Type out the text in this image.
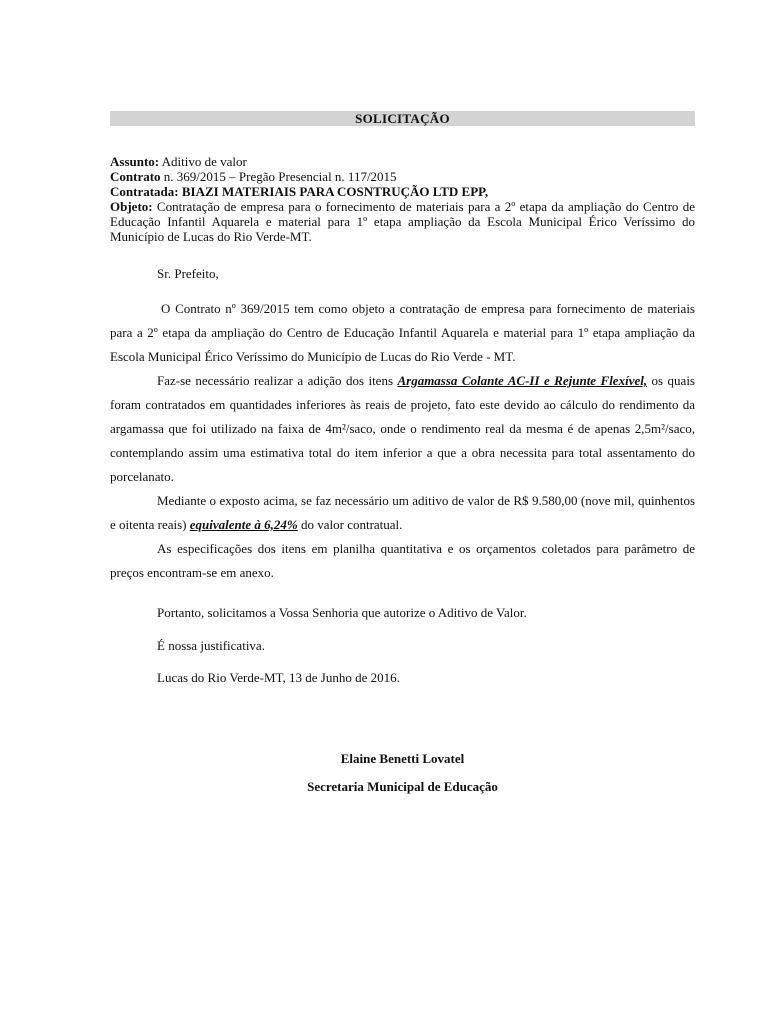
SOLICITAÇÃO
Assunto: Aditivo de valor
Contrato n. 369/2015 – Pregão Presencial n. 117/2015
Contratada: BIAZI MATERIAIS PARA COSNTRUÇÃO LTD EPP,
Objeto: Contratação de empresa para o fornecimento de materiais para a 2º etapa da ampliação do Centro de Educação Infantil Aquarela e material para 1º etapa ampliação da Escola Municipal Érico Veríssimo do Município de Lucas do Rio Verde-MT.
Sr. Prefeito,

O Contrato nº 369/2015 tem como objeto a contratação de empresa para fornecimento de materiais para a 2º etapa da ampliação do Centro de Educação Infantil Aquarela e material para 1º etapa ampliação da Escola Municipal Érico Veríssimo do Município de Lucas do Rio Verde - MT.

Faz-se necessário realizar a adição dos itens Argamassa Colante AC-II e Rejunte Flexível, os quais foram contratados em quantidades inferiores às reais de projeto, fato este devido ao cálculo do rendimento da argamassa que foi utilizado na faixa de 4m²/saco, onde o rendimento real da mesma é de apenas 2,5m²/saco, contemplando assim uma estimativa total do item inferior a que a obra necessita para total assentamento do porcelanato.

Mediante o exposto acima, se faz necessário um aditivo de valor de R$ 9.580,00 (nove mil, quinhentos e oitenta reais) equivalente à 6,24% do valor contratual.

As especificações dos itens em planilha quantitativa e os orçamentos coletados para parâmetro de preços encontram-se em anexo.

Portanto, solicitamos a Vossa Senhoria que autorize o Aditivo de Valor.
É nossa justificativa.
Lucas do Rio Verde-MT, 13 de Junho de 2016.
Elaine Benetti Lovatel
Secretaria Municipal de Educação
